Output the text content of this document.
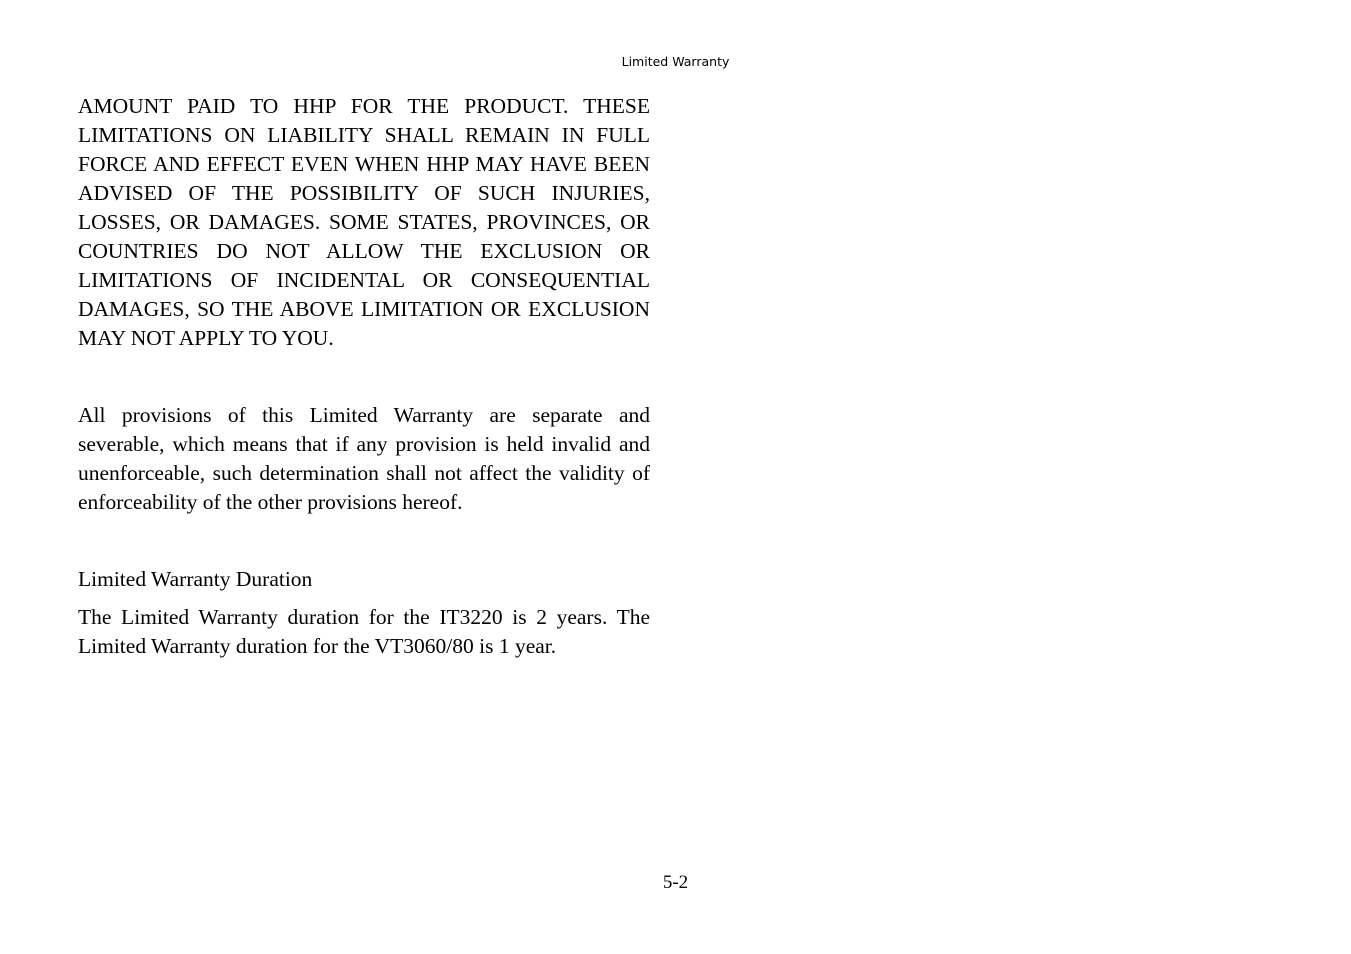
Limited Warranty

AMOUNT PAID TO HHP FOR THE PRODUCT. THESE LIMITATIONS ON LIABILITY SHALL REMAIN IN FULL FORCE AND EFFECT EVEN WHEN HHP MAY HAVE BEEN ADVISED OF THE POSSIBILITY OF SUCH INJURIES, LOSSES, OR DAMAGES. SOME STATES, PROVINCES, OR COUNTRIES DO NOT ALLOW THE EXCLUSION OR LIMITATIONS OF INCIDENTAL OR CONSEQUENTIAL DAMAGES, SO THE ABOVE LIMITATION OR EXCLUSION MAY NOT APPLY TO YOU.

All provisions of this Limited Warranty are separate and severable, which means that if any provision is held invalid and unenforceable, such determination shall not affect the validity of enforceability of the other provisions hereof.

Limited Warranty Duration

The Limited Warranty duration for the IT3220 is 2 years. The Limited Warranty duration for the VT3060/80 is 1 year.

5-2
